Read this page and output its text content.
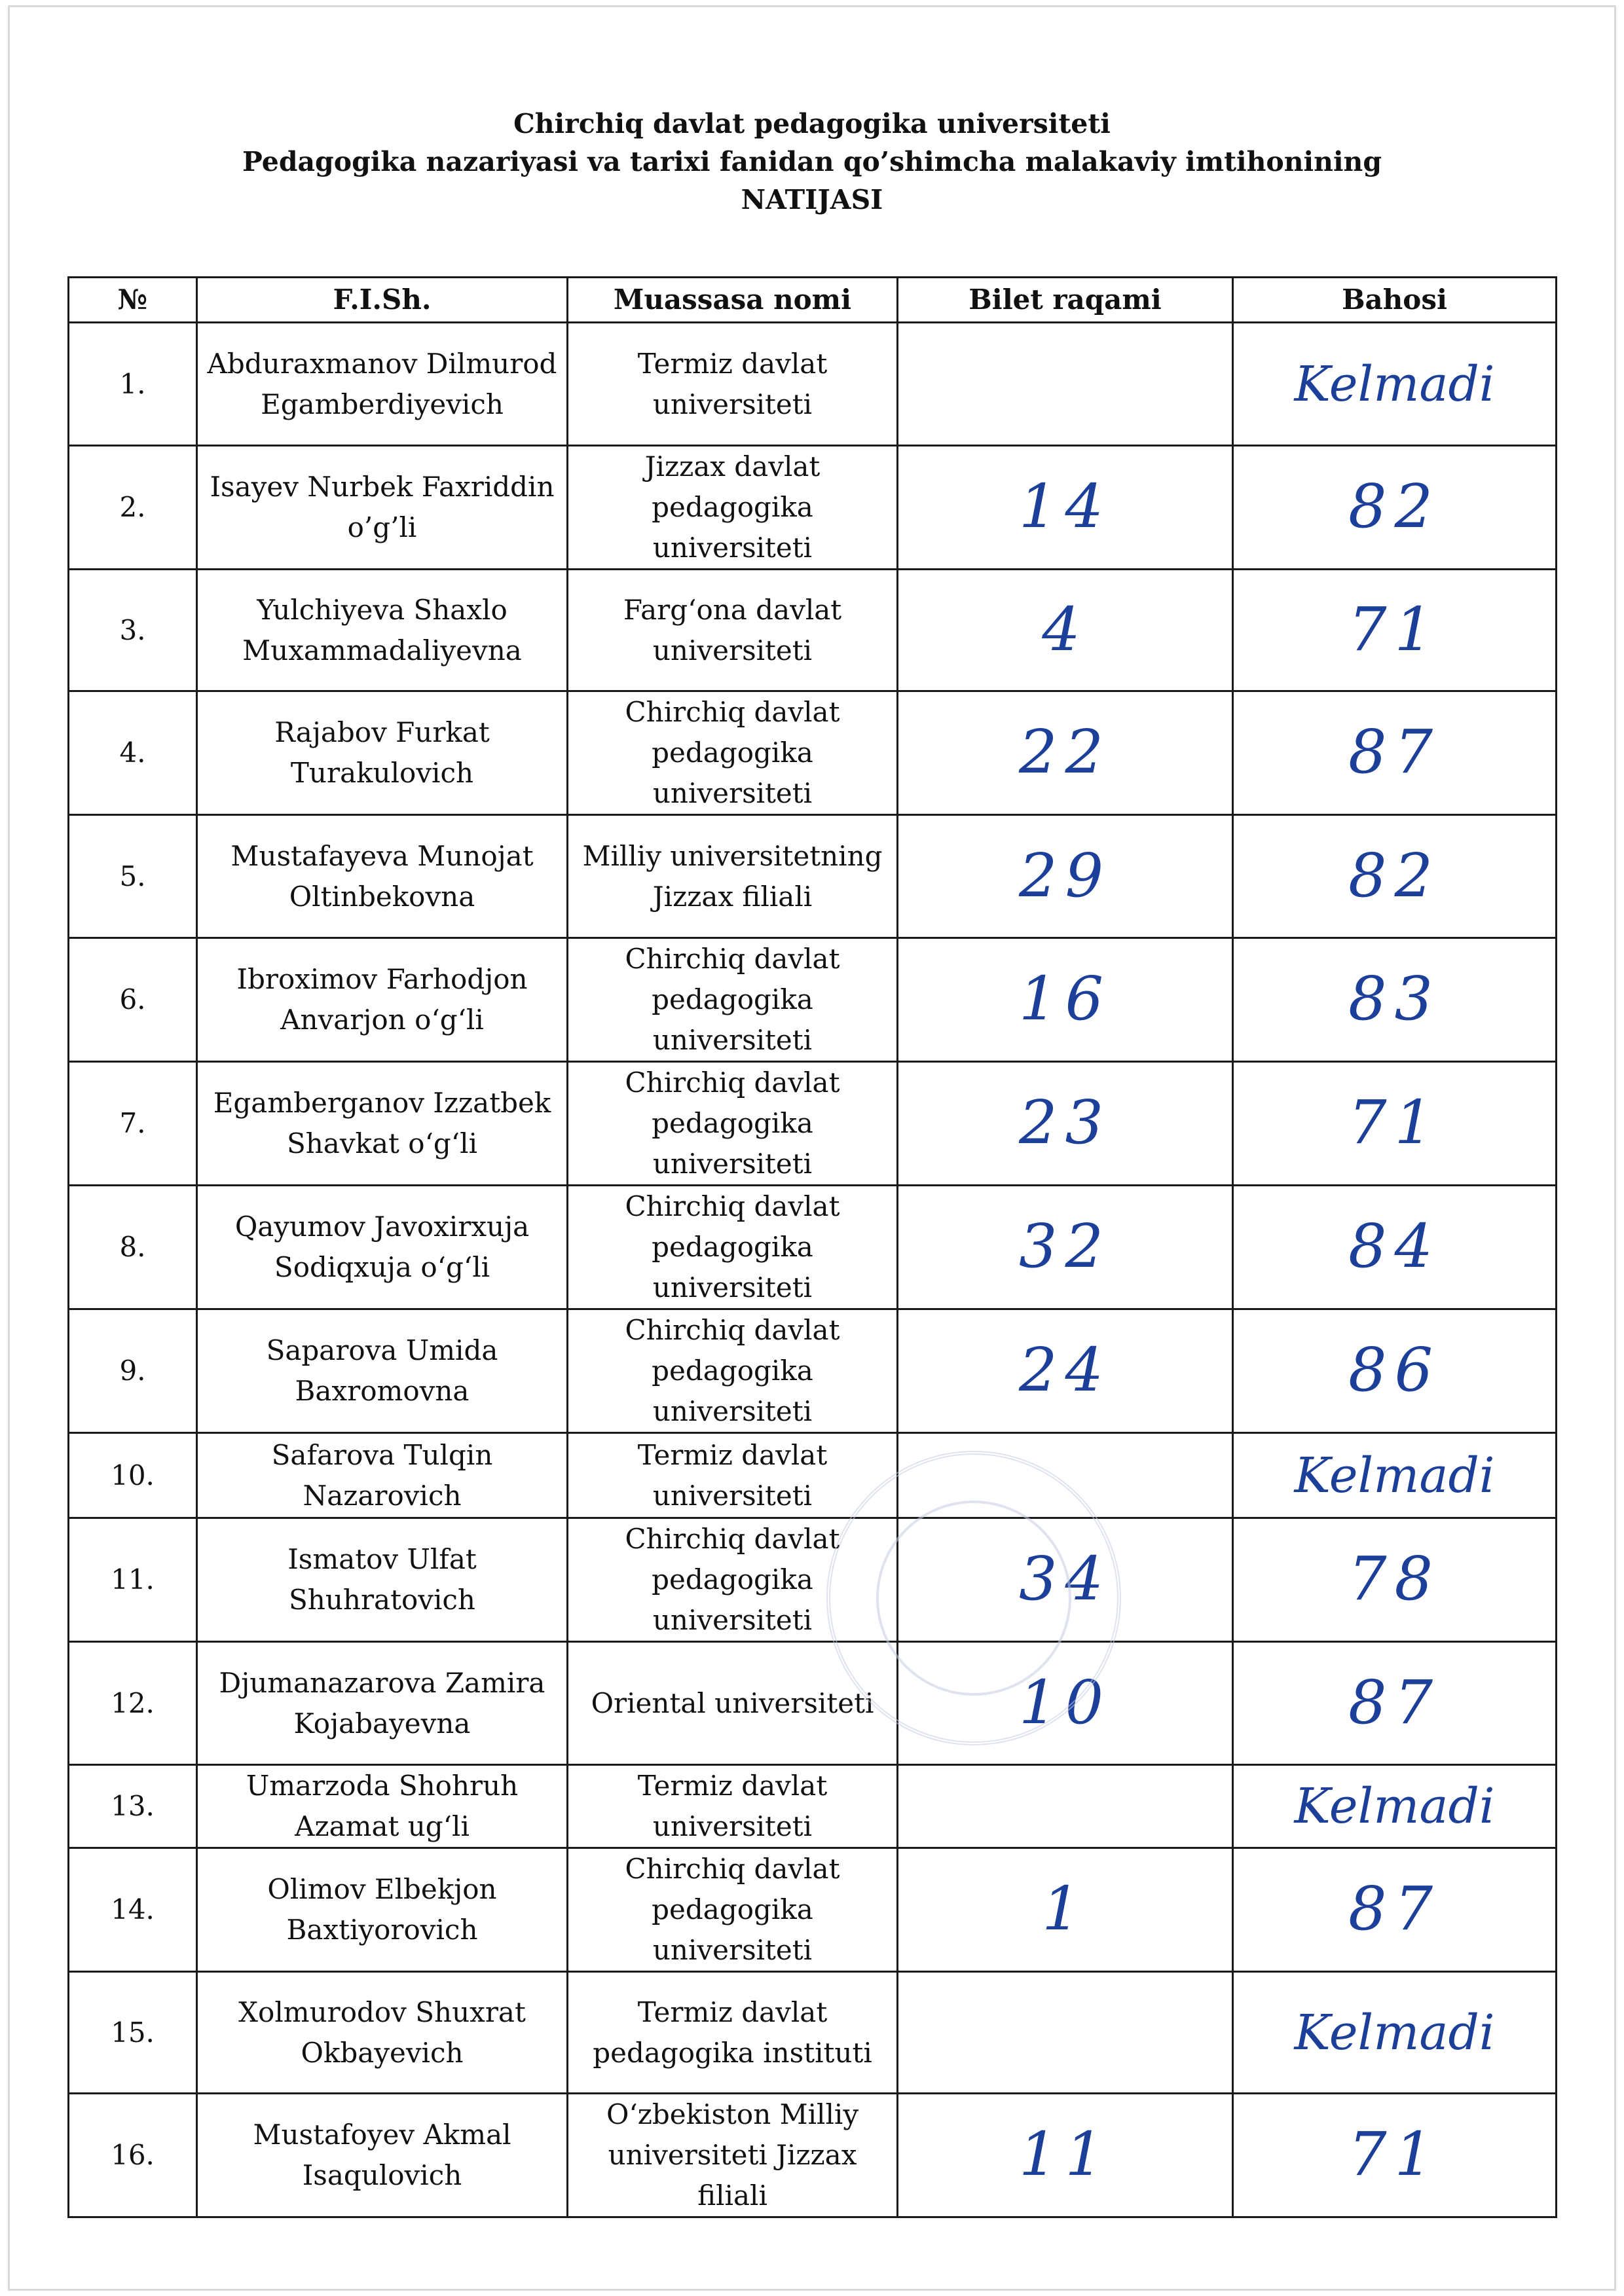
Chirchiq davlat pedagogika universiteti
Pedagogika nazariyasi va tarixi fanidan qo’shimcha malakaviy imtihonining
NATIJASI
№	F.I.Sh.	Muassasa nomi	Bilet raqami	Bahosi
1.	Abduraxmanov Dilmurod Egamberdiyevich	Termiz davlat universiteti		Kelmadi
2.	Isayev Nurbek Faxriddin o’g’li	Jizzax davlat pedagogika universiteti	14	82
3.	Yulchiyeva Shaxlo Muxammadaliyevna	Farg‘ona davlat universiteti	4	71
4.	Rajabov Furkat Turakulovich	Chirchiq davlat pedagogika universiteti	22	87
5.	Mustafayeva Munojat Oltinbekovna	Milliy universitetning Jizzax filiali	29	82
6.	Ibroximov Farhodjon Anvarjon o‘g‘li	Chirchiq davlat pedagogika universiteti	16	83
7.	Egamberganov Izzatbek Shavkat o‘g‘li	Chirchiq davlat pedagogika universiteti	23	71
8.	Qayumov Javoxirxuja Sodiqxuja o‘g‘li	Chirchiq davlat pedagogika universiteti	32	84
9.	Saparova Umida Baxromovna	Chirchiq davlat pedagogika universiteti	24	86
10.	Safarova Tulqin Nazarovich	Termiz davlat universiteti		Kelmadi
11.	Ismatov Ulfat Shuhratovich	Chirchiq davlat pedagogika universiteti	34	78
12.	Djumanazarova Zamira Kojabayevna	Oriental universiteti	10	87
13.	Umarzoda Shohruh Azamat ug‘li	Termiz davlat universiteti		Kelmadi
14.	Olimov Elbekjon Baxtiyorovich	Chirchiq davlat pedagogika universiteti	1	87
15.	Xolmurodov Shuxrat Okbayevich	Termiz davlat pedagogika instituti		Kelmadi
16.	Mustafoyev Akmal Isaqulovich	O‘zbekiston Milliy universiteti Jizzax filiali	11	71
